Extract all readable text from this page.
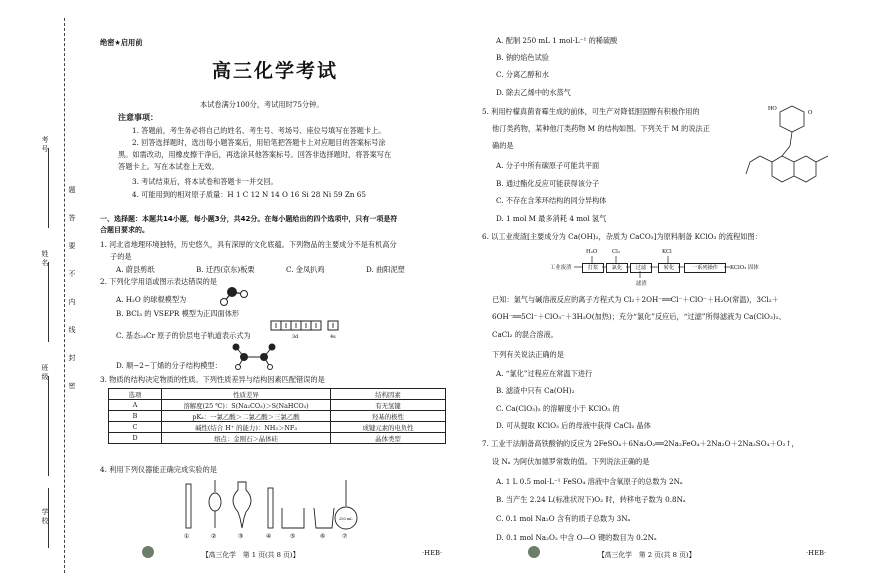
考号
姓名
班级
学校
题
答
要
不
内
线
封
密
绝密★启用前
高三化学考试
本试卷满分100分，考试用时75分钟。
注意事项：
1. 答题前，考生务必将自己的姓名、考生号、考场号、座位号填写在答题卡上。
2. 回答选择题时，选出每小题答案后，用铅笔把答题卡上对应题目的答案标号涂
黑。如需改动，用橡皮擦干净后，再选涂其他答案标号。回答非选择题时，将答案写在
答题卡上。写在本试卷上无效。
3. 考试结束后，将本试卷和答题卡一并交回。
4. 可能用到的相对原子质量：H 1 C 12 N 14 O 16 Si 28 Ni 59 Zn 65
一、选择题：本题共14小题，每小题3分，共42分。在每小题给出的四个选项中，只有一项是符
合题目要求的。
1. 河北省地理环境独特，历史悠久，具有深厚的文化底蕴。下列物品的主要成分不是有机高分
子的是
A. 蔚县剪纸	B. 迁西(京东)板栗	C. 金凤扒鸡	D. 曲阳泥塑
2. 下列化学用语或图示表达错误的是
A. H₂O 的球棍模型为
B. BCl₃ 的 VSEPR 模型为正四面体形
C. 基态₂₄Cr 原子的价层电子轨道表示式为	3d	4s
D. 顺−2−丁烯的分子结构模型：
3. 物质的结构决定物质的性质。下列性质差异与结构因素匹配错误的是
选项	性质差异	结构因素
A	溶解度(25 ℃)：S(Na₂CO₃)＞S(NaHCO₃)	有无氢键
B	pKₐ：一氯乙酸＞二氯乙酸＞三氯乙酸	羟基的极性
C	碱性(结合 H⁺ 的能力)：NH₃＞NF₃	成键元素的电负性
D	熔点：金刚石＞晶体硅	晶体类型
4. 利用下列仪器能正确完成实验的是
250 mL
①	②	③	④	⑤	⑥	⑦
【高三化学　第 1 页(共 8 页)】	·HEB·
A. 配制 250 mL 1 mol·L⁻¹ 的稀硫酸
B. 钠的焰色试验
C. 分离乙醇和水
D. 除去乙烯中的水蒸气
5. 利用柠檬真菌青霉生成的前体，可生产对降低胆固醇有积极作用的
他汀类药物，某种他汀类药物 M 的结构如图。下列关于 M 的说法正
确的是
O
HO
A. 分子中所有碳原子可能共平面
B. 通过酯化反应可能获得该分子
C. 不存在含苯环结构的同分异构体
D. 1 mol M 最多消耗 4 mol 氢气
6. 以工业废渣[主要成分为 Ca(OH)₂，杂质为 CaCO₃]为原料制备 KClO₃ 的流程如图：
工业废渣	打浆	氯化	过滤	转化	一系列操作	KClO₃ 固体
H₂O	Cl₂	KCl
滤渣
已知：氯气与碱溶液反应的离子方程式为 Cl₂＋2OH⁻══Cl⁻＋ClO⁻＋H₂O(常温)，3Cl₂＋
6OH⁻══5Cl⁻＋ClO₃⁻＋3H₂O(加热)；充分“氯化”反应后，“过滤”所得滤液为 Ca(ClO₃)₂、
CaCl₂ 的混合溶液。
下列有关说法正确的是
A. “氯化”过程应在常温下进行
B. 滤渣中只有 Ca(OH)₂
C. Ca(ClO₃)₂ 的溶解度小于 KClO₃ 的
D. 可从提取 KClO₃ 后的母液中获得 CaCl₂ 晶体
7. 工业干法制备高铁酸钠的反应为 2FeSO₄＋6Na₂O₂══2Na₂FeO₄＋2Na₂O＋2Na₂SO₄＋O₂↑，
设 Nₐ 为阿伏加德罗常数的值。下列说法正确的是
A. 1 L 0.5 mol·L⁻¹ FeSO₄ 溶液中含氧原子的总数为 2Nₐ
B. 当产生 2.24 L(标准状况下)O₂ 时，转移电子数为 0.8Nₐ
C. 0.1 mol Na₂O 含有的质子总数为 3Nₐ
D. 0.1 mol Na₂O₂ 中含 O—O 键的数目为 0.2Nₐ
【高三化学　第 2 页(共 8 页)】	·HEB·
